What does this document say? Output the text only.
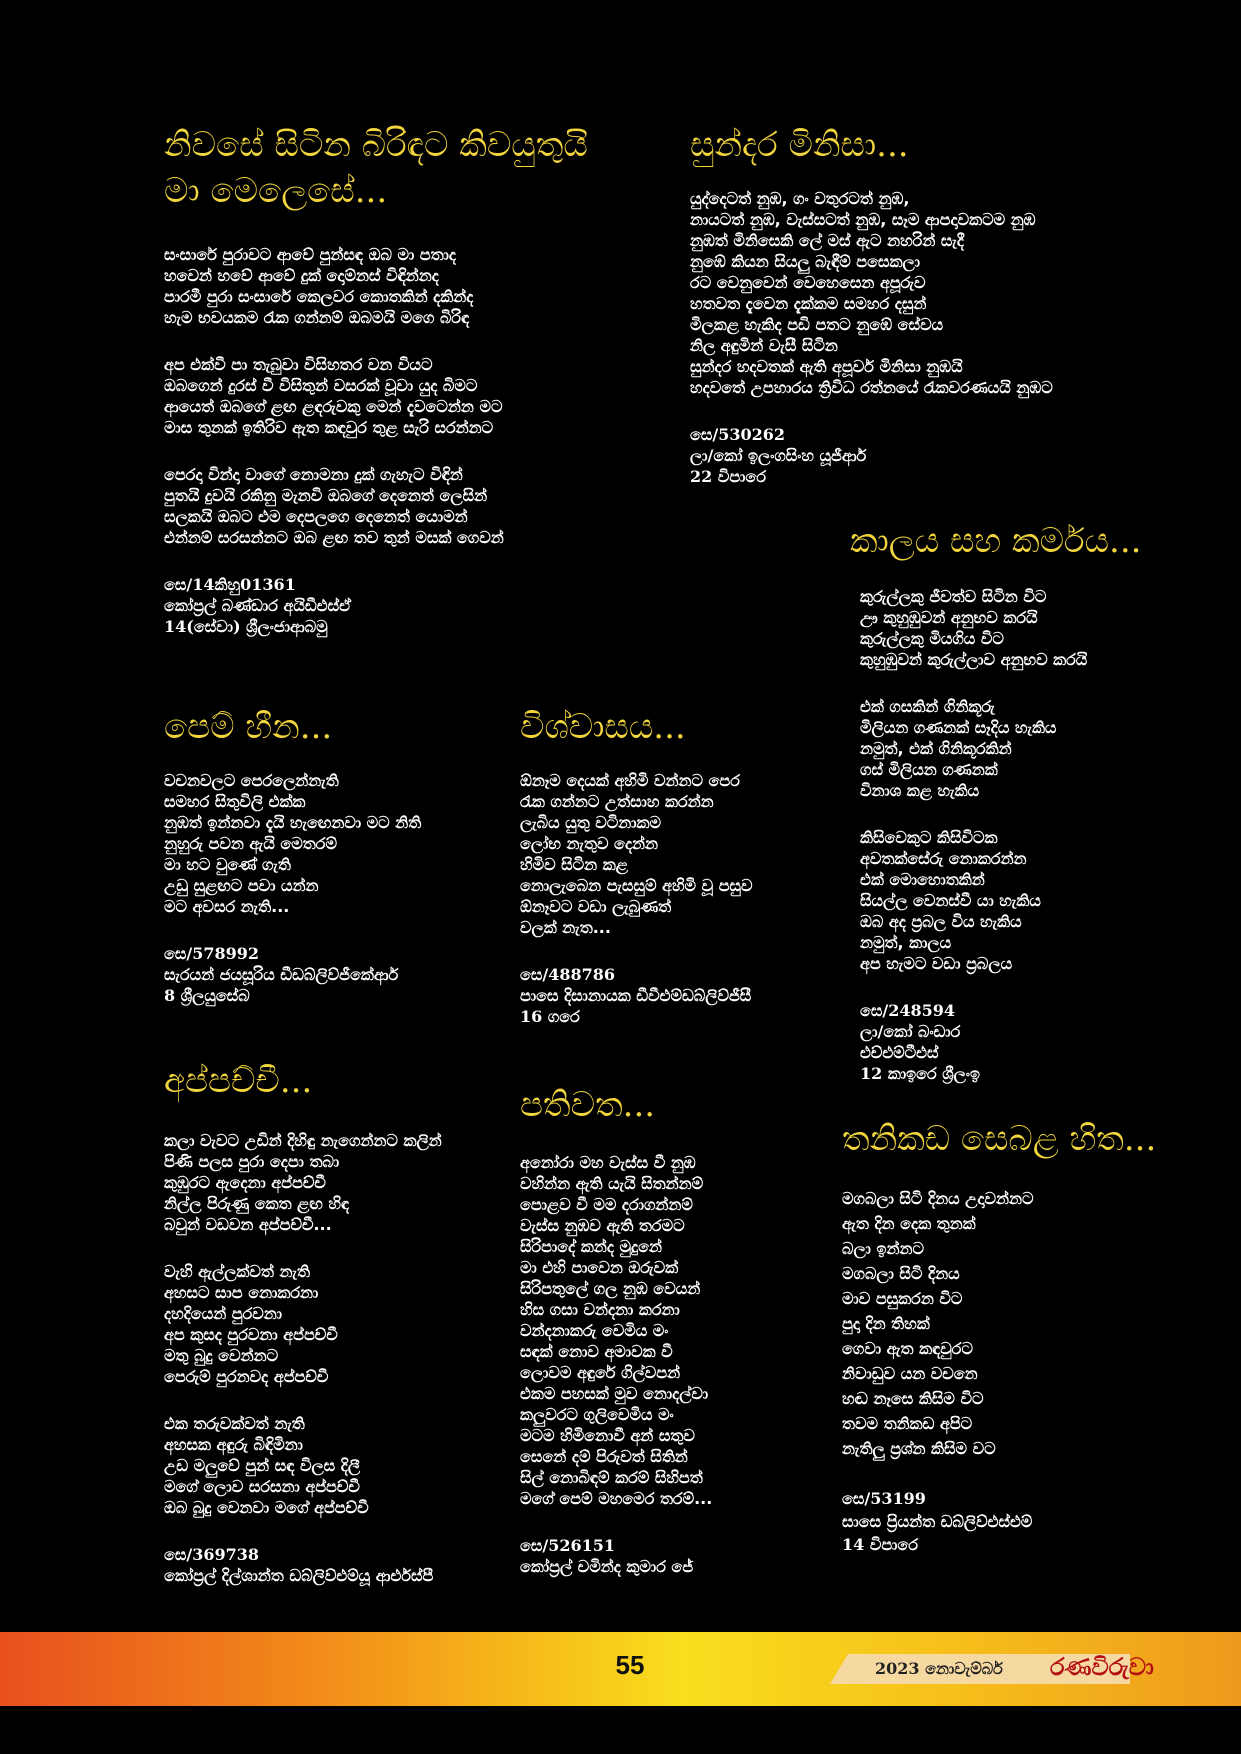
නිවසේ සිටින බිරිඳට කිවයුතුයි
මා මෙලෙසේ...
සංසාරේ පුරාවට ආවේ පුන්සඳ ඔබ මා පතාද
හවෙන් හවේ ආවේ දුක් දොම්නස් විඳින්නද
පාරමී පුරා සංසාරේ කෙලවර කොතකින් දකින්ද
හැම භවයකම රැක ගන්නම් ඔබමයි මගෙ බිරිඳ
අප එක්වී පා තැබුවා විසිහතර වන වියට
ඔබගෙන් දුරස් වී විසිතුන් වසරක් වූවා යුද බිමට
ආයෙත් ඔබගේ ළඟ ළඳරුවකු මෙන් දැවටෙන්න මට
මාස තුනක් ඉතිරිව ඇත කඳවුර තුළ සැරි සරන්නට
පෙරදා වින්දා වාගේ නොමනා දුක් ගැහැට විඳින්
පුතයි දුවයි රකිනු මැනවි ඔබගේ දෙනෙත් ලෙසින්
සලකයි ඔබට එම දෙපලගෙ දෙනෙත් යොමන්
එන්නම් සරසන්නට ඔබ ළඟ තව තුන් මසක් ගෙවන්
සෙ/14කිහු01361
කෝප්‍රල් බණ්ඩාර අයිඩීඑස්ඒ
14(සේවා) ශ්‍රීලංජාආබමු
සුන්දර මිනිසා...
යුද්දෙටත් නුඹ, ගං වතුරටත් නුඹ,
නායටත් නුඹ, වැස්සටත් නුඹ, සෑම ආපදාවකටම නුඹ
නුඹත් මිනිසෙකි ලේ මස් ඇට නහරින් සැදී
නුඹේ කියන සියලු බැඳීම් පසෙකලා
රට වෙනුවෙන් වෙහෙසෙන අපූරුව
හතවත දැවෙන දැක්කම සමහර දසුන්
මිලකළ හැකිද පඩි පතට නුඹේ සේවය
නිල අඳුමින් වැසී සිටින
සුන්දර හදවතක් ඇති අපූර්ව මිනිසා නුඹයි
හදවතේ උපහාරය ත්‍රිවිධ රත්නයේ රැකවරණයයි නුඹට
සෙ/530262
ලා/කෝ ඉලංගසිංහ යූජීආර්
22 විපාරෙ
කාලය සහ කර්මය...
කුරුල්ලකු ජීවත්ව සිටින විට
ඌ කුහුඹුවන් අනුභව කරයි
කුරුල්ලකු මියගිය විට
කුහුඹුවන් කුරුල්ලාව අනුභව කරයි
එක් ගසකින් ගිනිකූරු
මිලියන ගණනක් සෑදිය හැකිය
නමුත්, එක් ගිනිකූරකින්
ගස් මිලියන ගණනක්
විනාශ කළ හැකිය
කිසිවෙකුට කිසිවිටක
අවතක්සේරු නොකරන්න
එක් මොහොතකින්
සියල්ල වෙනස්වී යා හැකිය
ඔබ අද ප්‍රබල විය හැකිය
නමුත්, කාලය
අප හැමට වඩා ප්‍රබලය
සෙ/248594
ලා/කෝ බංඩාර
එච්එම්ටීඑස්
12 කාඉරෙ ශ්‍රීලංඉ
පෙම් හීන...
වචනවලට පෙරලෙන්නැති
සමහර සිතුවිලි එක්ක
නුඹත් ඉන්නවා දැයි හැඟෙනවා මට නිති
නුහුරු පවන ඇයි මෙතරම්
මා හට වුණේ ගැති
උඩු සුළඟට පවා යන්න
මට අවසර නැති...
සෙ/578992
සැරයන් ජයසූරිය ඩීඩබ්ලිව්ජීකේආර්
8 ශ්‍රීලයුසේබ
විශ්වාසය...
ඕනෑම දෙයක් අහිමි වන්නට පෙර
රැක ගන්නට උත්සාහ කරන්න
ලැබිය යුතු වටිනාකම
ලෝභ නැතුව දෙන්න
හිමිව සිටින කළ
නොලැබෙන පැසසුම් අහිමි වූ පසුව
ඕනෑවට වඩා ලැබුණත්
වලක් නැත...
සෙ/488786
පාසෙ දිසානායක ඩීවීඑම්ඩබ්ලිව්ජීසී
16 ගරෙ
අප්පච්චී...
කලා වැවට උඩින් දිහිඳු නැගෙන්නට කලින්
පිණි පලස පුරා දෙපා තබා
කුඹුරට ඇදෙනා අප්පච්චී
නිල්ල පිරුණු කෙත ළඟ හිඳ
බවුන් වඩවන අප්පච්චී...
වැහි ඇල්ලක්වත් නැති
අහසට සාප නොකරනා
දහදියෙන් පුරවනා
අප කුසද පුරවනා අප්පච්චී
මතු බුදු වෙන්නට
පෙරුම් පුරනවද අප්පච්චී
එක තරුවක්වත් නැති
අහසක අඳුරු බිඳිමිනා
උඩ මලුවේ පුන් සඳ විලස දිලී
මගේ ලොව සරසනා අප්පච්චී
ඔබ බුදු වෙනවා මගේ අප්පච්චී
සෙ/369738
කෝප්‍රල් දිල්ශාන්ත ඩබ්ලිව්එම්යූ ආර්එස්පී
පතිවත...
අනෝරා මහ වැස්ස වී නුඹ
වහින්න ඇති යැයි සිතන්නම්
පොළව වී මම දරාගන්නම්
වැස්ස නුඹව ඇති තරමට
සිරිපාදේ කන්ද මුදුනේ
මා එහි පාවෙන ඔරුවක්
සිරිපතුලේ ගල නුඹ වෙයන්
හිස ගසා වන්දනා කරනා
වන්දනාකරු වෙමිය මං
සඳක් නොව අමාවක වී
ලොවම අඳුරේ ගිල්වපන්
එකම පහසක් මුව නොදල්වා
කලුවරට ගුලිවෙමිය මං
මටම හිමිනොවී අන් සතුව
සෙනේ දම් පිරුවත් සිතින්
සිල් නොබිඳම් කරම් සිහිපත්
මගේ පෙම් මහමෙර තරම්...
සෙ/526151
කෝප්‍රල් චමින්ද කුමාර ජේ
තනිකඩ සෙබළ හිත...
මගබලා සිටි දිනය උදාවන්නට
ඇත දින දෙක තුනක්
බලා ඉන්නට
මගබලා සිටි දිනය
මාව පසුකරන විට
පුදා දින තිහක්
ගෙවා ඇත කඳවුරට
නිවාඩුව යන වචනෙ
හඬ නෑසෙ කිසිම විට
තවම තනිකඩ අපිට
නැතිලු ප්‍රශ්න කිසිම වට
සෙ/53199
සාසෙ ප්‍රියන්ත ඩබ්ලිව්එස්එම්
14 විපාරෙ
55	2023 නොවැම්බර් රණවිරුවා
